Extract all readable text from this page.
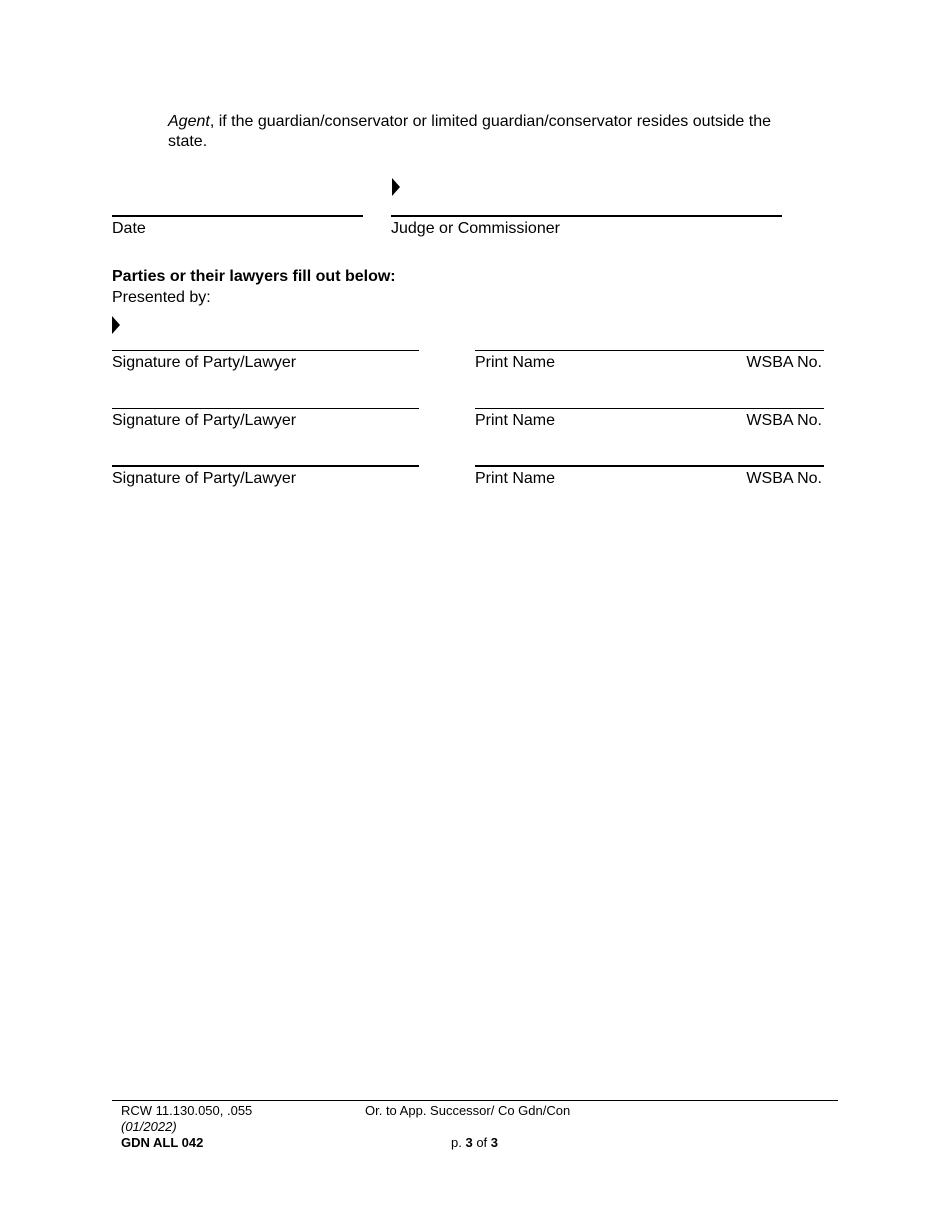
Agent, if the guardian/conservator or limited guardian/conservator resides outside the
state.
Date	Judge or Commissioner
Parties or their lawyers fill out below:
Presented by:
Signature of Party/Lawyer	Print Name	WSBA No.
Signature of Party/Lawyer	Print Name	WSBA No.
Signature of Party/Lawyer	Print Name	WSBA No.
RCW 11.130.050, .055
(01/2022)
GDN ALL 042
Or. to App. Successor/ Co Gdn/Con
p. 3 of 3
